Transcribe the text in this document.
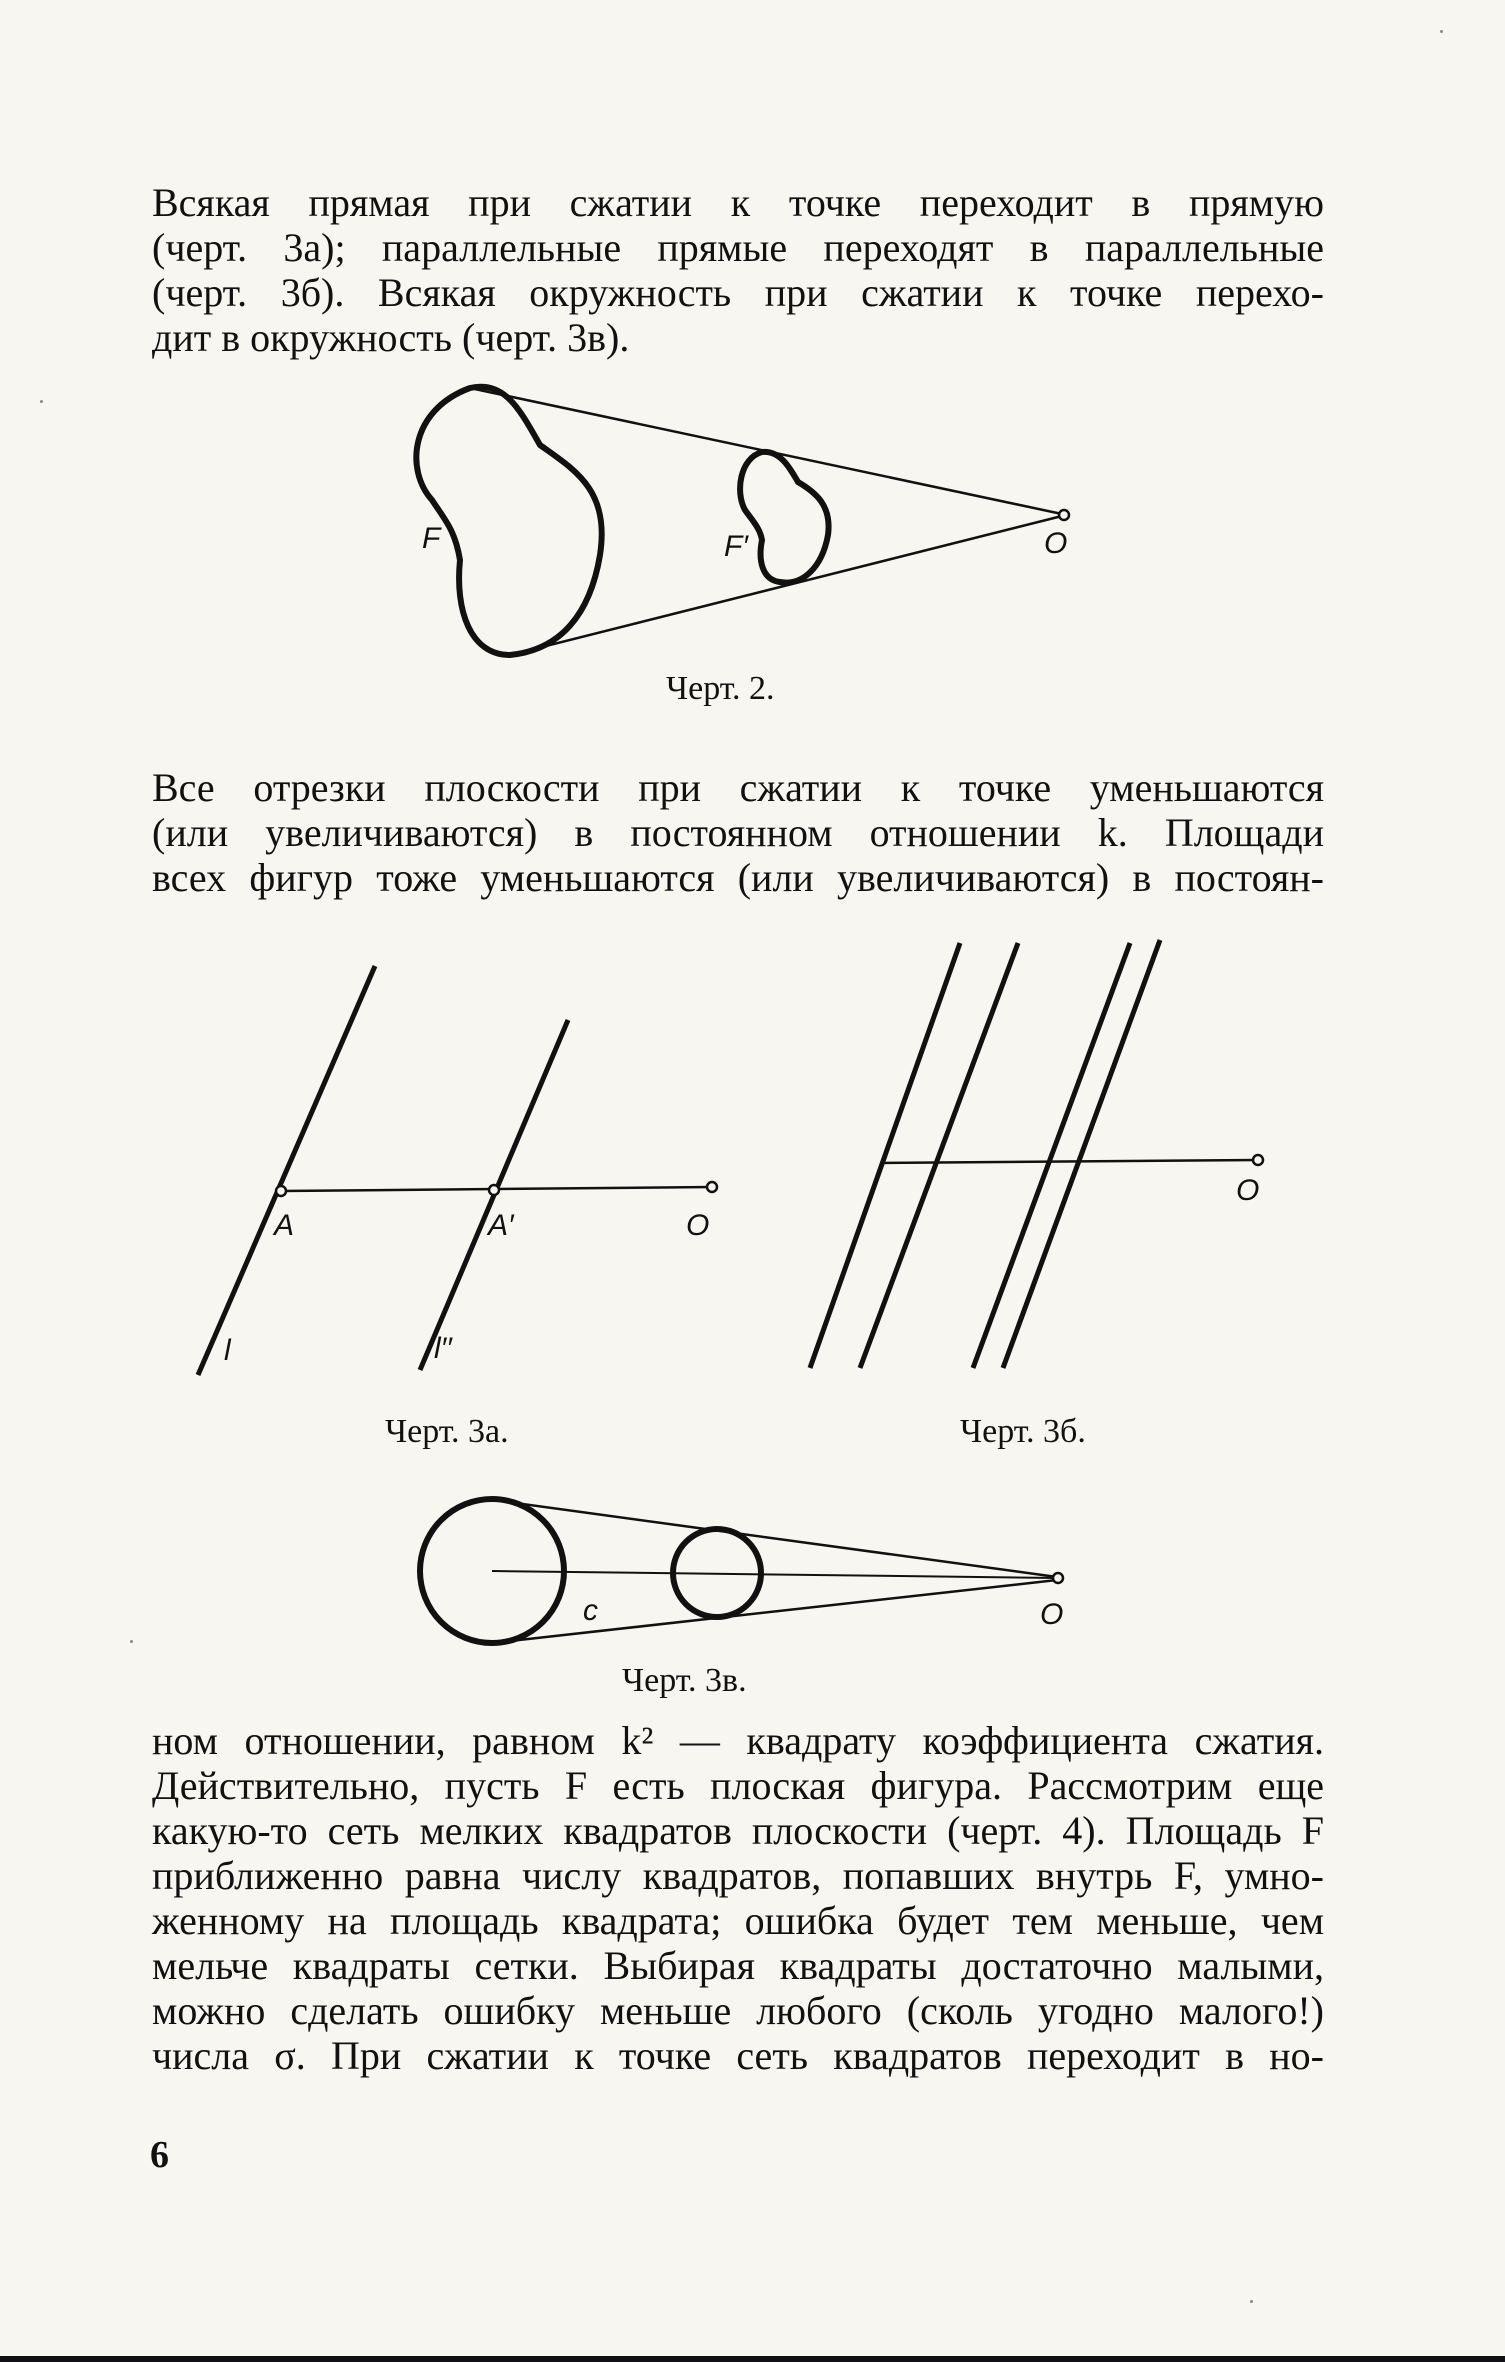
Всякая прямая при сжатии к точке переходит в прямую
(черт. 3а); параллельные прямые переходят в параллельные
(черт. 3б). Всякая окружность при сжатии к точке перехо-
дит в окружность (черт. 3в).
F	F′	O
A	A′	O
l	l′′
O
c	O

Черт. 2.

Все отрезки плоскости при сжатии к точке уменьшаются
(или увеличиваются) в постоянном отношении k. Площади
всех фигур тоже уменьшаются (или увеличиваются) в постоян-

Черт. 3а.	Черт. 3б.

Черт. 3в.

ном отношении, равном k² — квадрату коэффициента сжатия.
Действительно, пусть F есть плоская фигура. Рассмотрим еще
какую-то сеть мелких квадратов плоскости (черт. 4). Площадь F
приближенно равна числу квадратов, попавших внутрь F, умно-
женному на площадь квадрата; ошибка будет тем меньше, чем
мельче квадраты сетки. Выбирая квадраты достаточно малыми,
можно сделать ошибку меньше любого (сколь угодно малого!)
числа σ. При сжатии к точке сеть квадратов переходит в но-

6
